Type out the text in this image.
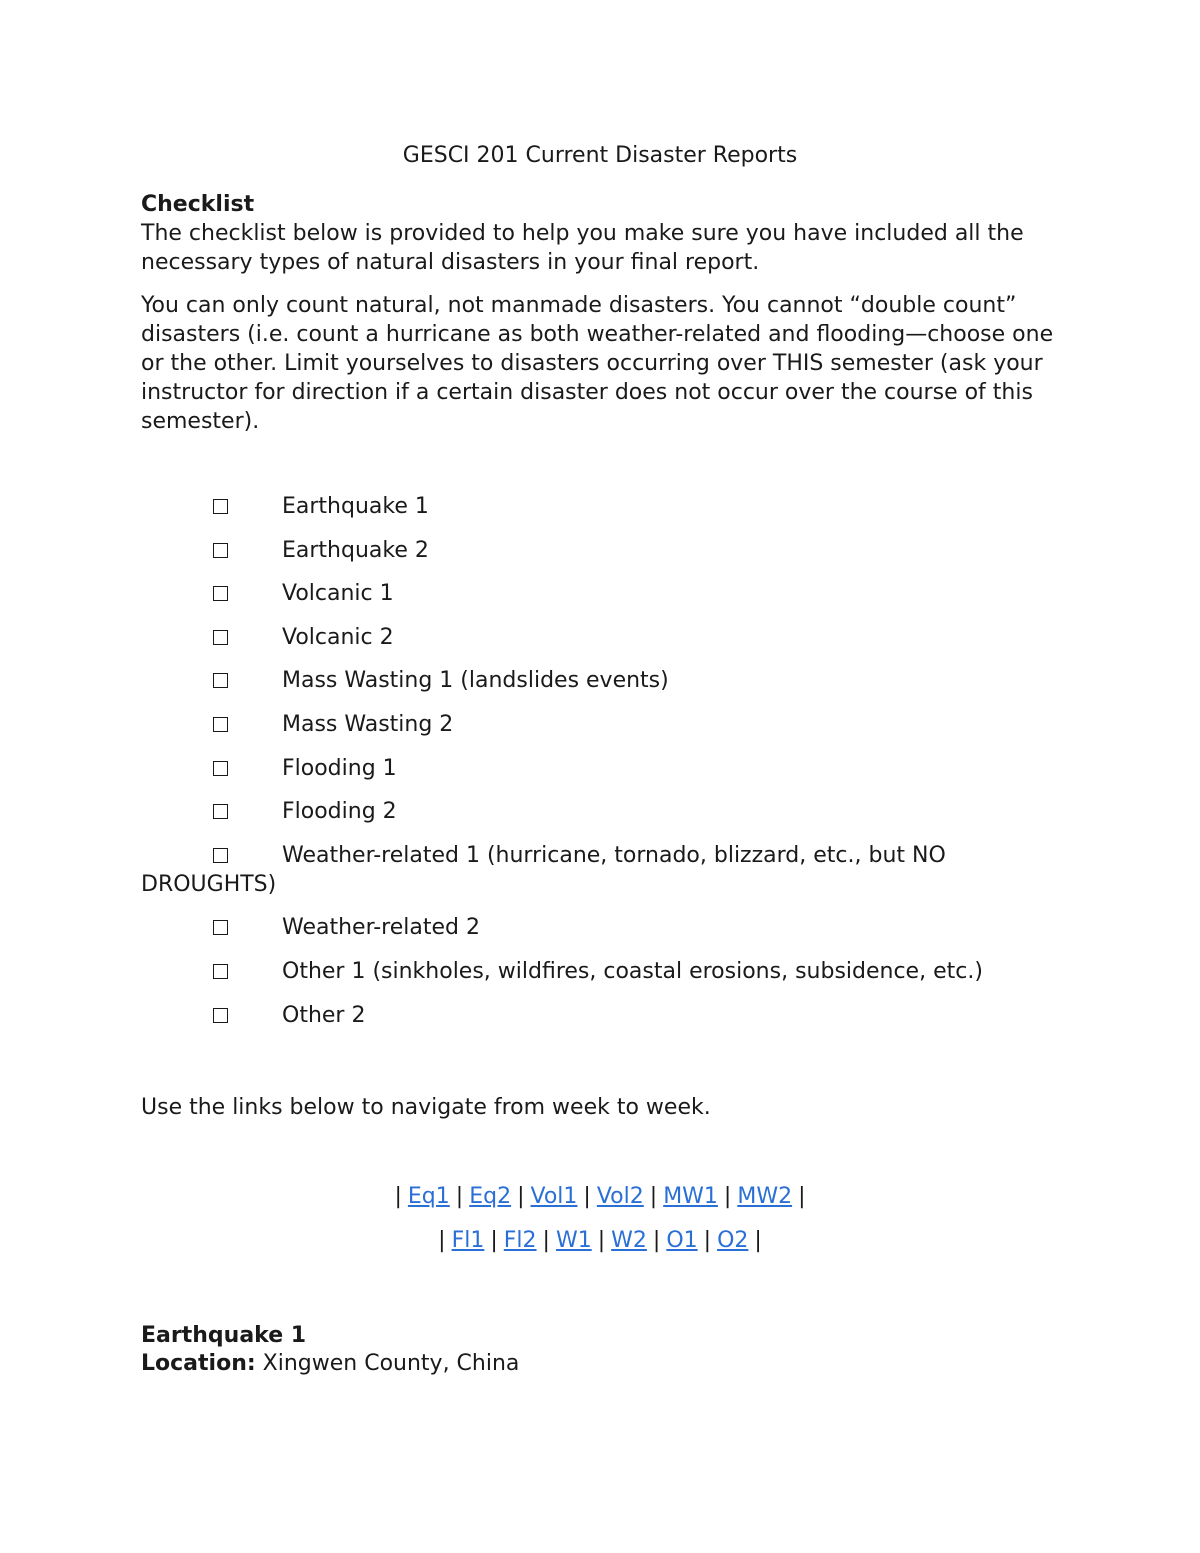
GESCI 201 Current Disaster Reports
Checklist
The checklist below is provided to help you make sure you have included all the necessary types of natural disasters in your final report.
You can only count natural, not manmade disasters. You cannot “double count” disasters (i.e. count a hurricane as both weather-related and flooding—choose one or the other. Limit yourselves to disasters occurring over THIS semester (ask your instructor for direction if a certain disaster does not occur over the course of this semester).
Earthquake 1
Earthquake 2
Volcanic 1
Volcanic 2
Mass Wasting 1 (landslides events)
Mass Wasting 2
Flooding 1
Flooding 2
Weather-related 1 (hurricane, tornado, blizzard, etc., but NO DROUGHTS)
Weather-related 2
Other 1 (sinkholes, wildfires, coastal erosions, subsidence, etc.)
Other 2
Use the links below to navigate from week to week.
| Eq1 | Eq2 | Vol1 | Vol2 | MW1 | MW2 |
| Fl1 | Fl2 | W1 | W2 | O1 | O2 |
Earthquake 1
Location: Xingwen County, China
